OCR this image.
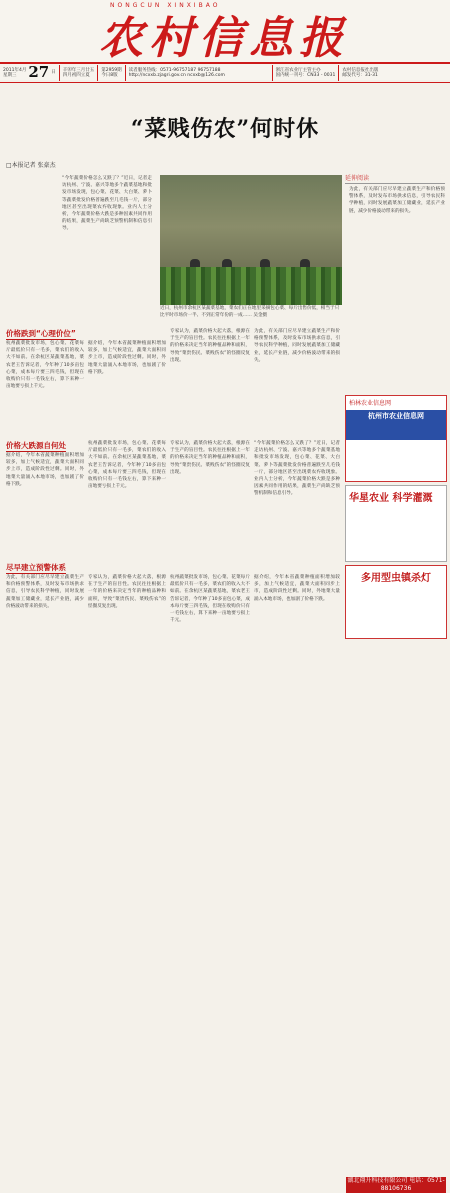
NONGCUN XINXIBAO
农 村 信 息 报
2011年4月
星期三 27 日
辛卯年三月廿五
四月初四立夏
第2959期
今日8版
读者服务热线：0571-96757187 96757188
http://ncxxb.zjagri.gov.cn ncxxb@126.com
浙江省农业厅主管主办
国内统一刊号：CN33 - 0031
农村信息报社出版
邮发代号：31-31
“菜贱伤农”何时休
□本报记者 张豪杰
“今年蔬菜价格怎么又跌了？”近日，记者走访杭州、宁波、嘉兴等地多个蔬菜基地和批发市场发现，包心菜、花菜、大白菜、萝卜等蔬菜批发价格普遍跌至几毛钱一斤，部分地区甚至出现菜农弃收现象。业内人士分析，今年蔬菜价格大跌是多种因素共同作用的结果，蔬菜生产尚缺乏预警机制和信息引导。
近日，杭州市余杭区某蔬菜基地，菜农们正在地里采摘包心菜、每斤出售价低，相当于只比平时市场价一半、不到正常年份的一成…… 吴金摄
延伸阅读
为此，有关部门应尽早建立蔬菜生产和价格预警体系，及时发布市场供求信息，引导农民科学种植，同时发展蔬菜加工储藏业，延长产业链，减少价格波动带来的损失。
价格跌到“心理价位”
杭州蔬菜批发市场，包心菜、花菜每斤最低价只有一毛多，菜农们的收入大不如前。在余杭区某蔬菜基地，菜农老王告诉记者，今年种了10多亩包心菜，成本每斤要三四毛钱，但现在收购价只有一毛钱左右，算下来种一亩地要亏损上千元。
据介绍，今年本省蔬菜种植面积增加较多，加上气候适宜，蔬菜大面积同步上市，造成阶段性过剩。同时，外地菜大量涌入本地市场，也加剧了价格下跌。
专家认为，蔬菜价格大起大落，根源在于生产的盲目性。农民往往根据上一年的价格来决定当年的种植品种和面积，导致“菜贵伤民、菜贱伤农”的怪圈反复出现。
为此，有关部门应尽早建立蔬菜生产和价格预警体系，及时发布市场供求信息，引导农民科学种植，同时发展蔬菜加工储藏业，延长产业链，减少价格波动带来的损失。
价格大跌源自何处
据介绍，今年本省蔬菜种植面积增加较多，加上气候适宜，蔬菜大面积同步上市，造成阶段性过剩。同时，外地菜大量涌入本地市场，也加剧了价格下跌。
杭州蔬菜批发市场，包心菜、花菜每斤最低价只有一毛多，菜农们的收入大不如前。在余杭区某蔬菜基地，菜农老王告诉记者，今年种了10多亩包心菜，成本每斤要三四毛钱，但现在收购价只有一毛钱左右，算下来种一亩地要亏损上千元。
专家认为，蔬菜价格大起大落，根源在于生产的盲目性。农民往往根据上一年的价格来决定当年的种植品种和面积，导致“菜贵伤民、菜贱伤农”的怪圈反复出现。
“今年蔬菜价格怎么又跌了？”近日，记者走访杭州、宁波、嘉兴等地多个蔬菜基地和批发市场发现，包心菜、花菜、大白菜、萝卜等蔬菜批发价格普遍跌至几毛钱一斤，部分地区甚至出现菜农弃收现象。业内人士分析，今年蔬菜价格大跌是多种因素共同作用的结果，蔬菜生产尚缺乏预警机制和信息引导。
尽早建立预警体系
为此，有关部门应尽早建立蔬菜生产和价格预警体系，及时发布市场供求信息，引导农民科学种植，同时发展蔬菜加工储藏业，延长产业链，减少价格波动带来的损失。
专家认为，蔬菜价格大起大落，根源在于生产的盲目性。农民往往根据上一年的价格来决定当年的种植品种和面积，导致“菜贵伤民、菜贱伤农”的怪圈反复出现。
杭州蔬菜批发市场，包心菜、花菜每斤最低价只有一毛多，菜农们的收入大不如前。在余杭区某蔬菜基地，菜农老王告诉记者，今年种了10多亩包心菜，成本每斤要三四毛钱，但现在收购价只有一毛钱左右，算下来种一亩地要亏损上千元。
据介绍，今年本省蔬菜种植面积增加较多，加上气候适宜，蔬菜大面积同步上市，造成阶段性过剩。同时，外地菜大量涌入本地市场，也加剧了价格下跌。
柏林农业信息网
杭州市农业信息网
华星农业 科学灌溉
多用型虫镇杀灯
湖北翔升科技有限公司 电话：0571-88106736
